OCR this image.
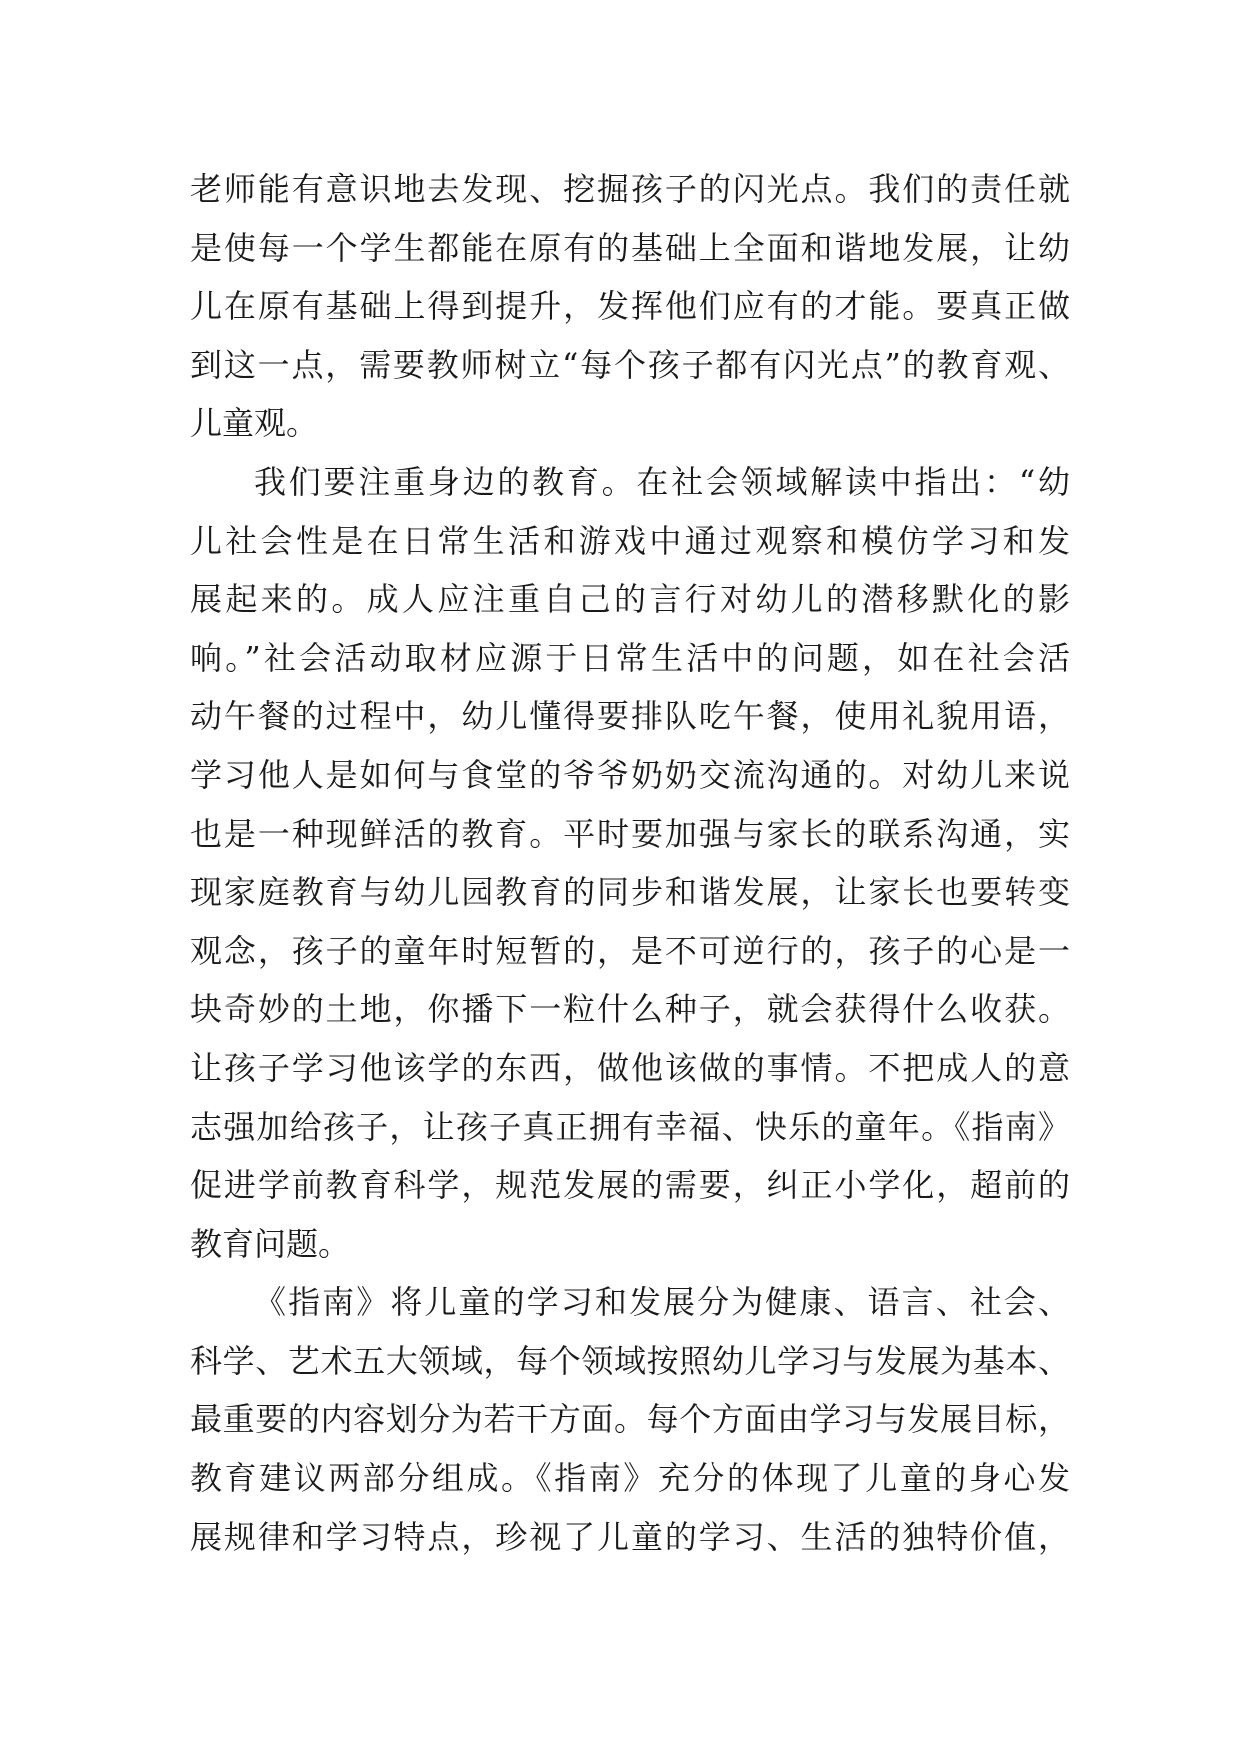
老师能有意识地去发现、挖掘孩子的闪光点。我们的责任就
是使每一个学生都能在原有的基础上全面和谐地发展，让幼
儿在原有基础上得到提升，发挥他们应有的才能。要真正做
到这一点，需要教师树立“每个孩子都有闪光点”的教育观、
儿童观。
我们要注重身边的教育。在社会领域解读中指出：“幼
儿社会性是在日常生活和游戏中通过观察和模仿学习和发
展起来的。成人应注重自己的言行对幼儿的潜移默化的影
响。”社会活动取材应源于日常生活中的问题，如在社会活
动午餐的过程中，幼儿懂得要排队吃午餐，使用礼貌用语，
学习他人是如何与食堂的爷爷奶奶交流沟通的。对幼儿来说
也是一种现鲜活的教育。平时要加强与家长的联系沟通，实
现家庭教育与幼儿园教育的同步和谐发展，让家长也要转变
观念，孩子的童年时短暂的，是不可逆行的，孩子的心是一
块奇妙的土地，你播下一粒什么种子，就会获得什么收获。
让孩子学习他该学的东西，做他该做的事情。不把成人的意
志强加给孩子，让孩子真正拥有幸福、快乐的童年。《指南》
促进学前教育科学，规范发展的需要，纠正小学化，超前的
教育问题。
《指南》将儿童的学习和发展分为健康、语言、社会、
科学、艺术五大领域，每个领域按照幼儿学习与发展为基本、
最重要的内容划分为若干方面。每个方面由学习与发展目标，
教育建议两部分组成。《指南》充分的体现了儿童的身心发
展规律和学习特点，珍视了儿童的学习、生活的独特价值，
